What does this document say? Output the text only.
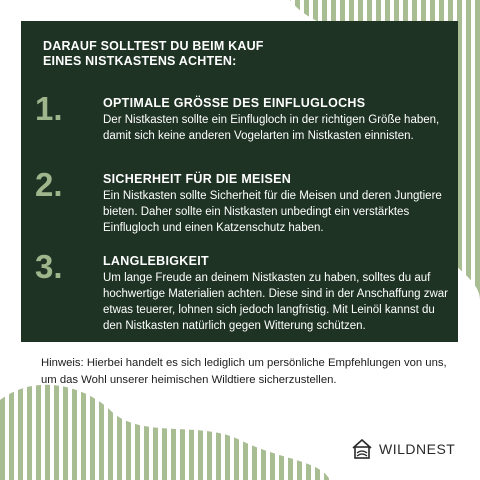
DARAUF SOLLTEST DU BEIM KAUF
EINES NISTKASTENS ACHTEN:
1.	OPTIMALE GRÖSSE DES EINFLUGLOCHS
Der Nistkasten sollte ein Einflugloch in der richtigen Größe haben, damit sich keine anderen Vogelarten im Nistkasten einnisten.
2.	SICHERHEIT FÜR DIE MEISEN
Ein Nistkasten sollte Sicherheit für die Meisen und deren Jungtiere bieten. Daher sollte ein Nistkasten unbedingt ein verstärktes Einflugloch und einen Katzenschutz haben.
3.	LANGLEBIGKEIT
Um lange Freude an deinem Nistkasten zu haben, solltes du auf hochwertige Materialien achten. Diese sind in der Anschaffung zwar etwas teuerer, lohnen sich jedoch langfristig. Mit Leinöl kannst du den Nistkasten natürlich gegen Witterung schützen.
Hinweis: Hierbei handelt es sich lediglich um persönliche Empfehlungen von uns, um das Wohl unserer heimischen Wildtiere sicherzustellen.
WILDNEST
